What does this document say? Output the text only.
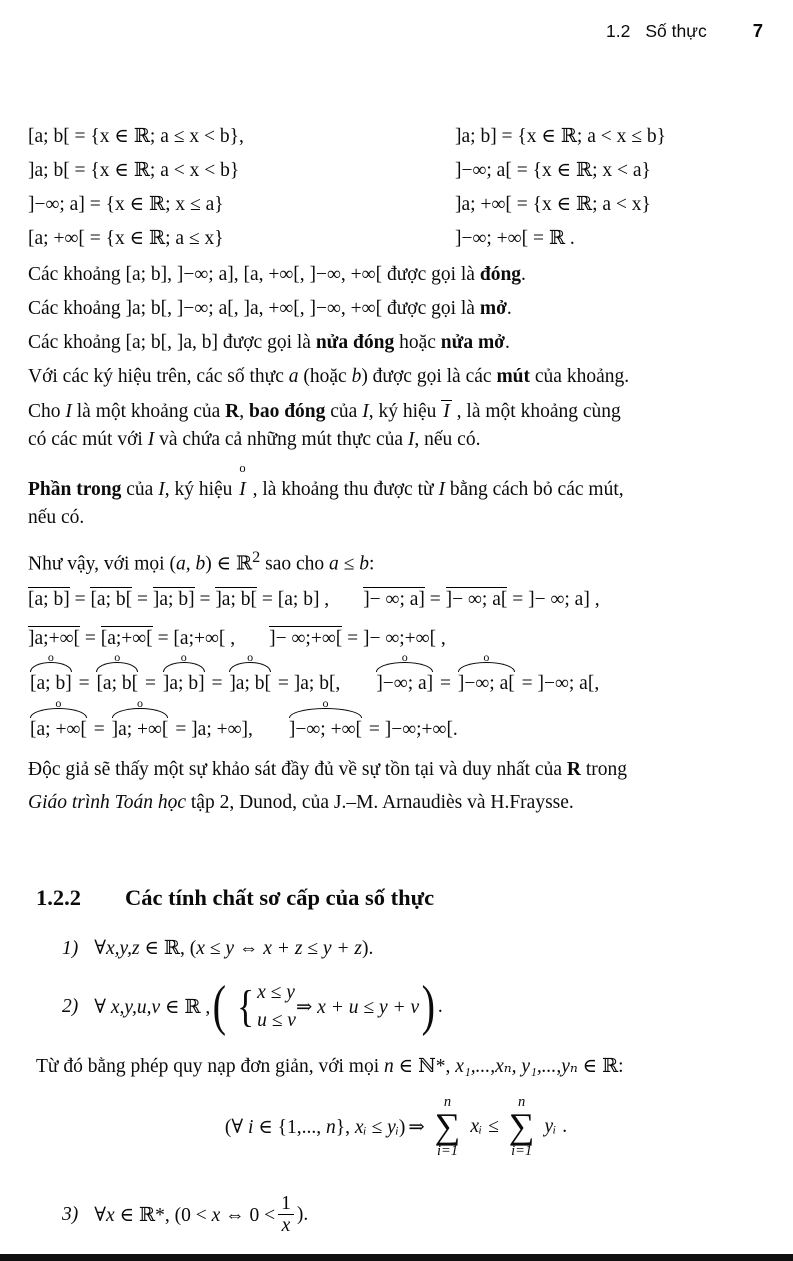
1.2 Số thực 7
[a; b[ = {x ∈ ℝ; a ≤ x < b},	]a; b] = {x ∈ ℝ; a < x ≤ b}
]a; b[ = {x ∈ ℝ; a < x < b}	]−∞; a[ = {x ∈ ℝ; x < a}
]−∞; a] = {x ∈ ℝ; x ≤ a}	]a; +∞[ = {x ∈ ℝ; a < x}
[a; +∞[ = {x ∈ ℝ; a ≤ x}	]−∞; +∞[ = ℝ .
Các khoảng [a; b], ]−∞; a], [a, +∞[, ]−∞, +∞[ được gọi là đóng.
Các khoảng ]a; b[, ]−∞; a[, ]a, +∞[, ]−∞, +∞[ được gọi là mở.
Các khoảng [a; b[, ]a, b] được gọi là nửa đóng hoặc nửa mở.
Với các ký hiệu trên, các số thực a (hoặc b) được gọi là các mút của khoảng.
Cho I là một khoảng của R, bao đóng của I, ký hiệu I , là một khoảng cùng
có các mút với I và chứa cả những mút thực của I, nếu có.
Phần trong của I, ký hiệu
o
I , là khoảng thu được từ I bằng cách bỏ các mút,
nếu có.
Như vậy, với mọi (a, b) ∈ ℝ$^2$ sao cho a ≤ b:
[a; b] = [a; b[ = ]a; b] = ]a; b[ = [a; b] , ]− ∞; a] = ]− ∞; a[ = ]− ∞; a] ,
]a;+∞[ = [a;+∞[ = [a;+∞[ , ]− ∞;+∞[ = ]− ∞;+∞[ ,
o
[a; b] =
o
[a; b[ =
o
]a; b] =
o
]a; b[ = ]a; b[,
o
]−∞; a] =
o
]−∞; a[ = ]−∞; a[,
o
[a; +∞[ =
o
]a; +∞[ = ]a; +∞],
o
]−∞; +∞[ = ]−∞;+∞[.
Độc giả sẽ thấy một sự khảo sát đầy đủ về sự tồn tại và duy nhất của R trong
Giáo trình Toán học tập 2, Dunod, của J.–M. Arnaudiès và H.Fraysse.
1.2.2 Các tính chất sơ cấp của số thực
1) ∀x,y,z ∈ ℝ, (x ≤ y ⇔ x + z ≤ y + z).
2) ∀ x,y,u,v ∈ ℝ , ( { x ≤ y
u ≤ v
⇒ x + u ≤ y + v ) .
Từ đó bằng phép quy nạp đơn giản, với mọi n ∈ ℕ*, x₁,...,xₙ, y₁,...,yₙ ∈ ℝ:
(∀ i ∈ {1,..., n}, xᵢ ≤ yᵢ) ⇒
n
∑
i=1
xᵢ ≤
n
∑
i=1
yᵢ .
3) ∀x ∈ ℝ*, (0 < x ⇔ $0 < \frac{1}{x}$ ).
